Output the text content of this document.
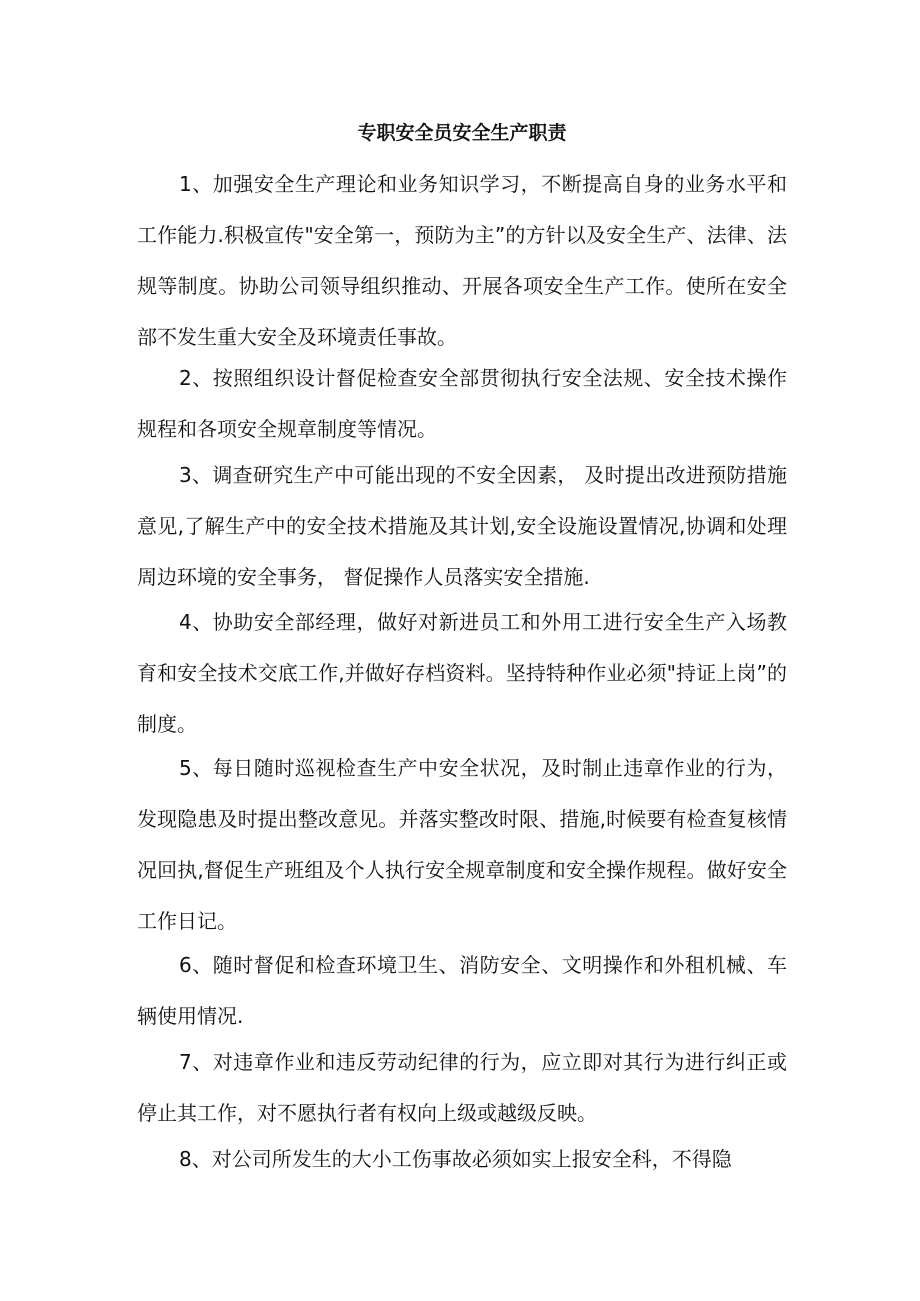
专职安全员安全生产职责

1、加强安全生产理论和业务知识学习，不断提高自身的业务水平和工作能力.积极宣传"安全第一，预防为主”的方针以及安全生产、法律、法规等制度。协助公司领导组织推动、开展各项安全生产工作。使所在安全部不发生重大安全及环境责任事故。

2、按照组织设计督促检查安全部贯彻执行安全法规、安全技术操作规程和各项安全规章制度等情况。

3、调查研究生产中可能出现的不安全因素， 及时提出改进预防措施意见,了解生产中的安全技术措施及其计划,安全设施设置情况,协调和处理周边环境的安全事务， 督促操作人员落实安全措施.

4、协助安全部经理，做好对新进员工和外用工进行安全生产入场教育和安全技术交底工作,并做好存档资料。坚持特种作业必须"持证上岗”的制度。

5、每日随时巡视检查生产中安全状况，及时制止违章作业的行为，发现隐患及时提出整改意见。并落实整改时限、措施,时候要有检查复核情况回执,督促生产班组及个人执行安全规章制度和安全操作规程。做好安全工作日记。

6、随时督促和检查环境卫生、消防安全、文明操作和外租机械、车辆使用情况.

7、对违章作业和违反劳动纪律的行为，应立即对其行为进行纠正或停止其工作，对不愿执行者有权向上级或越级反映。

8、对公司所发生的大小工伤事故必须如实上报安全科，不得隐
